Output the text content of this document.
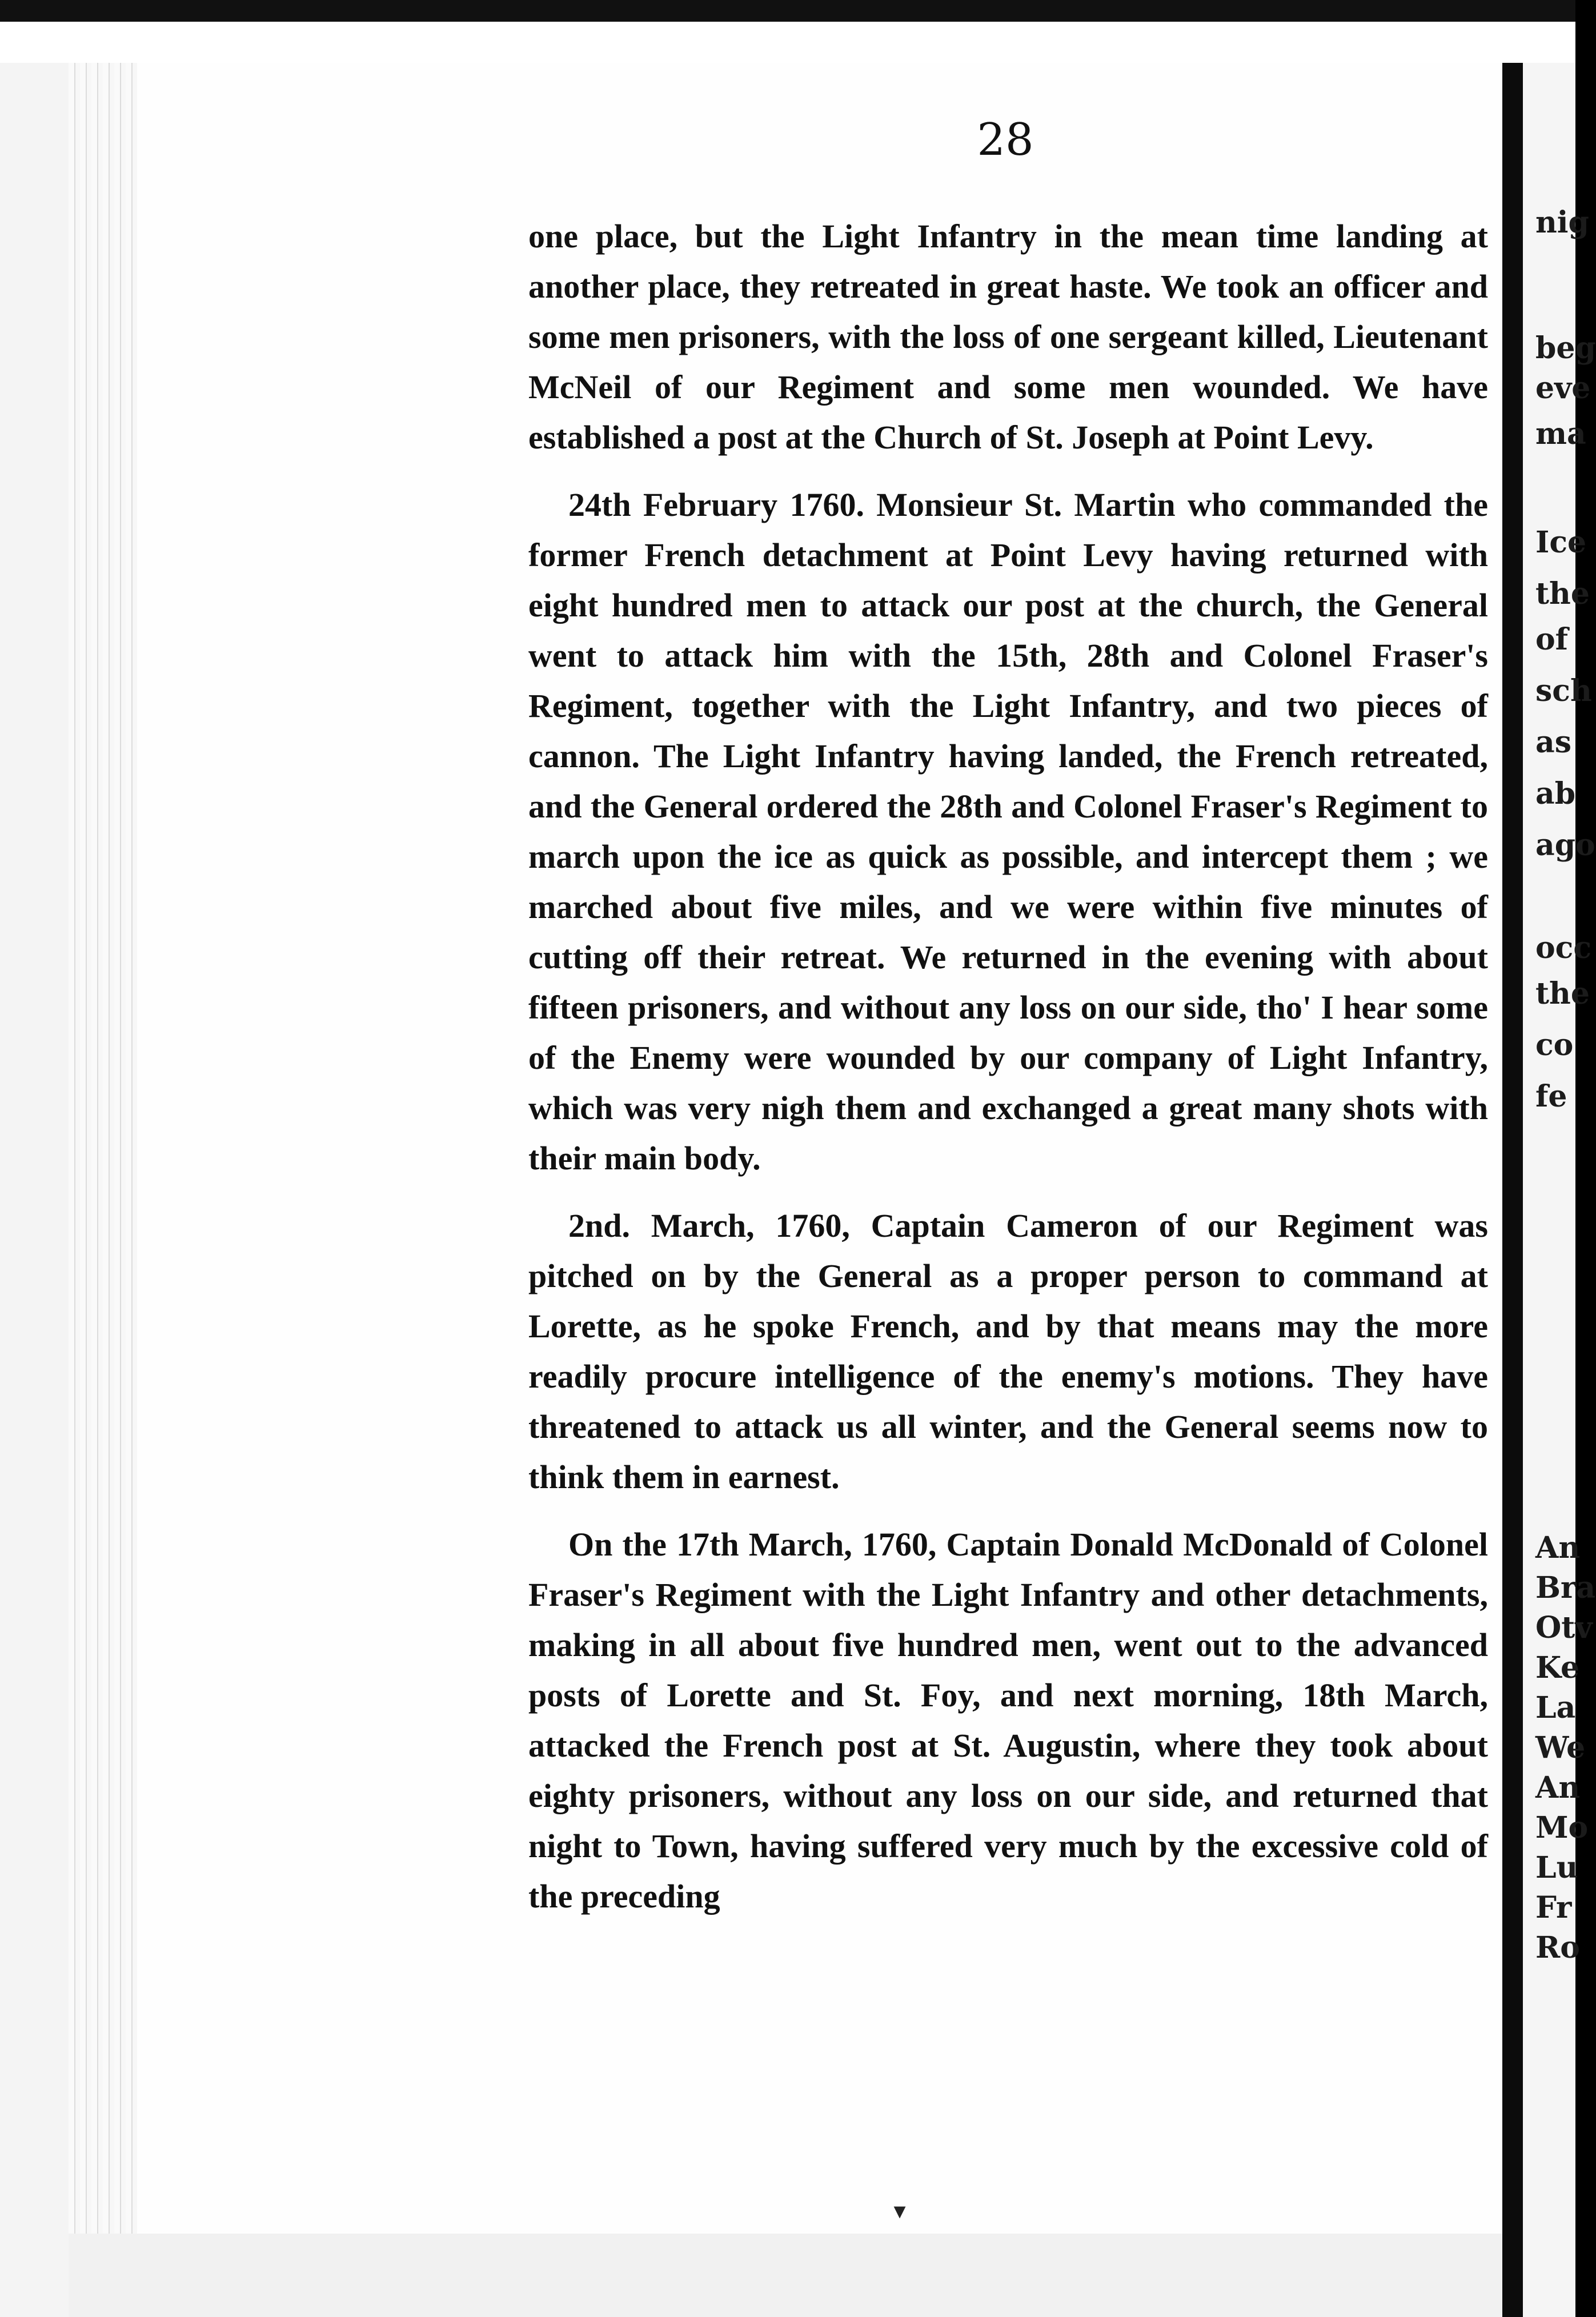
28

one place, but the Light Infantry in the mean time landing at another place, they retreated in great haste. We took an officer and some men prisoners, with the loss of one sergeant killed, Lieutenant McNeil of our Regiment and some men wounded. We have established a post at the Church of St. Joseph at Point Levy.

24th February 1760. Monsieur St. Martin who commanded the former French detachment at Point Levy having returned with eight hundred men to attack our post at the church, the General went to attack him with the 15th, 28th and Colonel Fraser's Regiment, together with the Light Infantry, and two pieces of cannon. The Light Infantry having landed, the French retreated, and the General ordered the 28th and Colonel Fraser's Regiment to march upon the ice as quick as possible, and intercept them ; we marched about five miles, and we were within five minutes of cutting off their retreat. We returned in the evening with about fifteen prisoners, and without any loss on our side, tho' I hear some of the Enemy were wounded by our company of Light Infantry, which was very nigh them and exchanged a great many shots with their main body.

2nd. March, 1760, Captain Cameron of our Regiment was pitched on by the General as a proper person to command at Lorette, as he spoke French, and by that means may the more readily procure intelligence of the enemy's motions. They have threatened to attack us all winter, and the General seems now to think them in earnest.

On the 17th March, 1760, Captain Donald McDonald of Colonel Fraser's Regiment with the Light Infantry and other detachments, making in all about five hundred men, went out to the advanced posts of Lorette and St. Foy, and next morning, 18th March, attacked the French post at St. Augustin, where they took about eighty prisoners, without any loss on our side, and returned that night to Town, having suffered very much by the excessive cold of the preceding

▾
nig
beg
eve
ma
Ice
the
of
sch
as
ab
ago
occ
the
co
fe
An
Bra
Otv
Ke
La
We
An
Mo
Lu
Fr
Ro
